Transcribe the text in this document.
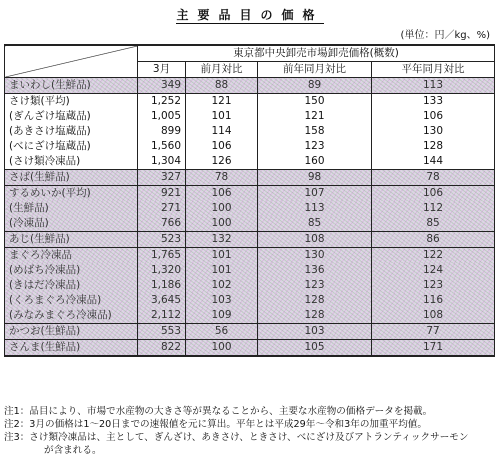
主要品目の価格
(単位：円／kg、%)
	東京都中央卸売市場卸売価格(概数)			
	3月	前月対比	前年同月対比	平年同月対比
まいわし(生鮮品)	349	88	89	113
さけ類(平均)	1,252	121	150	133
(ぎんざけ塩蔵品)	1,005	101	121	106
(あきさけ塩蔵品)	899	114	158	130
(べにざけ塩蔵品)	1,560	106	123	128
(さけ類冷凍品)	1,304	126	160	144
さば(生鮮品)	327	78	98	78
するめいか(平均)	921	106	107	106
(生鮮品)	271	100	113	112
(冷凍品)	766	100	85	85
あじ(生鮮品)	523	132	108	86
まぐろ冷凍品	1,765	101	130	122
(めばち冷凍品)	1,320	101	136	124
(きはだ冷凍品)	1,186	102	123	123
(くろまぐろ冷凍品)	3,645	103	128	116
(みなみまぐろ冷凍品)	2,112	109	128	108
かつお(生鮮品)	553	56	103	77
さんま(生鮮品)	822	100	105	171
注1：品目により、市場で水産物の大きさ等が異なることから、主要な水産物の価格データを掲載。
注2：3月の価格は1～20日までの速報値を元に算出。平年とは平成29年～令和3年の加重平均値。
注3：さけ類冷凍品は、主として、ぎんざけ、あきさけ、ときさけ、べにざけ及びアトランティックサーモン
が含まれる。
